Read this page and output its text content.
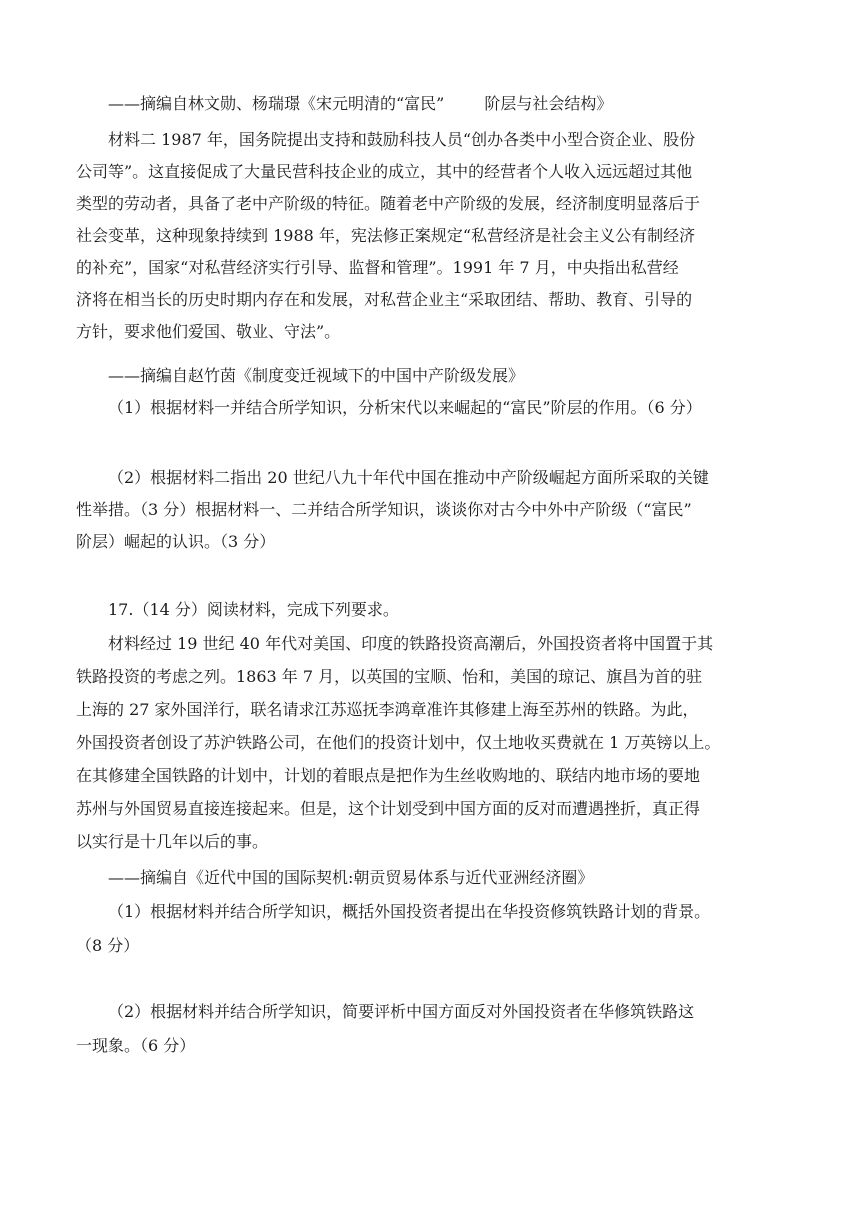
——摘编自林文勋、杨瑞璟《宋元明清的“富民”	阶层与社会结构》
材料二 1987 年，国务院提出支持和鼓励科技人员“创办各类中小型合资企业、股份
公司等”。这直接促成了大量民营科技企业的成立，其中的经营者个人收入远远超过其他
类型的劳动者，具备了老中产阶级的特征。随着老中产阶级的发展，经济制度明显落后于
社会变革，这种现象持续到 1988 年，宪法修正案规定“私营经济是社会主义公有制经济
的补充”，国家“对私营经济实行引导、监督和管理”。1991 年 7 月，中央指出私营经
济将在相当长的历史时期内存在和发展，对私营企业主“采取团结、帮助、教育、引导的
方针，要求他们爱国、敬业、守法”。
——摘编自赵竹茵《制度变迁视域下的中国中产阶级发展》
（1）根据材料一并结合所学知识，分析宋代以来崛起的“富民”阶层的作用。（6 分）
（2）根据材料二指出 20 世纪八九十年代中国在推动中产阶级崛起方面所采取的关键
性举措。（3 分）根据材料一、二并结合所学知识，谈谈你对古今中外中产阶级（“富民”
阶层）崛起的认识。（3 分）
17.（14 分）阅读材料，完成下列要求。
材料经过 19 世纪 40 年代对美国、印度的铁路投资高潮后，外国投资者将中国置于其
铁路投资的考虑之列。1863 年 7 月，以英国的宝顺、怡和，美国的琼记、旗昌为首的驻
上海的 27 家外国洋行，联名请求江苏巡抚李鸿章准许其修建上海至苏州的铁路。为此，
外国投资者创设了苏沪铁路公司，在他们的投资计划中，仅土地收买费就在 1 万英镑以上。
在其修建全国铁路的计划中，计划的着眼点是把作为生丝收购地的、联结内地市场的要地
苏州与外国贸易直接连接起来。但是，这个计划受到中国方面的反对而遭遇挫折，真正得
以实行是十几年以后的事。
——摘编自《近代中国的国际契机:朝贡贸易体系与近代亚洲经济圈》
（1）根据材料并结合所学知识，概括外国投资者提出在华投资修筑铁路计划的背景。
（8 分）
（2）根据材料并结合所学知识，简要评析中国方面反对外国投资者在华修筑铁路这
一现象。（6 分）
